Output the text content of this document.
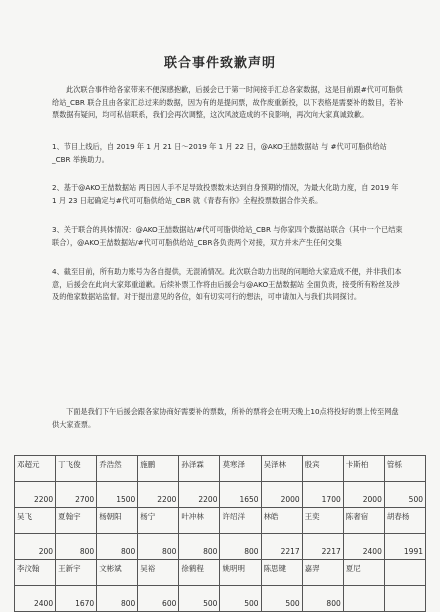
联合事件致歉声明

此次联合事件给各家带来不便深感抱歉，后援会已于第一时间接手汇总各家数据，这是目前跟#代可可脂供给站_CBR 联合且由各家汇总过来的数据，因为有的是提问票，故作废重新投，以下表格是需要补的数目，若补票数据有疑问，均可私信联系，我们会再次调整，这次风波造成的不良影响，再次向大家真诚致歉。

1、节目上线后，自 2019 年 1 月 21 日～2019 年 1 月 22 日，@AKO王喆数据站 与 #代可可脂供给站_CBR 举换助力。

2、基于@AKO王喆数据站 两日因人手不足导致投票数未达到自身预期的情况，为最大化助力度，自 2019 年 1 月 23 日起确定与#代可可脂供给站_CBR 就《青春有你》全程投票数据合作关系。

3、关于联合的具体情况：@AKO王喆数据站/#代可可脂供给站_CBR 与你家四个数据站联合（其中一个已结束联合），@AKO王喆数据站/#代可可脂供给站_CBR各负责两个对接，双方并未产生任何交集

4、截至目前，所有助力账号为各自提供，无混淆情况。此次联合助力出现的问题给大家造成不便，并非我们本意，后援会在此向大家郑重道歉。后续补票工作将由后援会与@AKO王喆数据站 全面负责，接受所有粉丝及涉及的他家数据站监督。对于提出意见的各位，如有切实可行的想法，可申请加入与我们共同探讨。

下面是我们下午后援会跟各家协商好需要补的票数，所补的票将会在明天晚上10点将投好的票上传至网盘供大家查票。

邓超元	丁飞俊	乔浩然	施鹏	孙泽霖	莫寒泽	吴泽林	殷宾	卡斯柏	管栎
2200	2700	1500	2200	2200	1650	2000	1700	2000	500
吴飞	夏翰宇	杨朝阳	杨宁	叶冲林	许绍洋	林皓	王奕	陈奢宿	胡春杨
200	800	800	800	800	800	2217	2217	2400	1991
李汶翰	王新宇	文彬斌	吴裕	徐鹤程	姚明明	陈思键	嘉羿	夏尼	
2400	1670	800	600	500	500	500	800		
